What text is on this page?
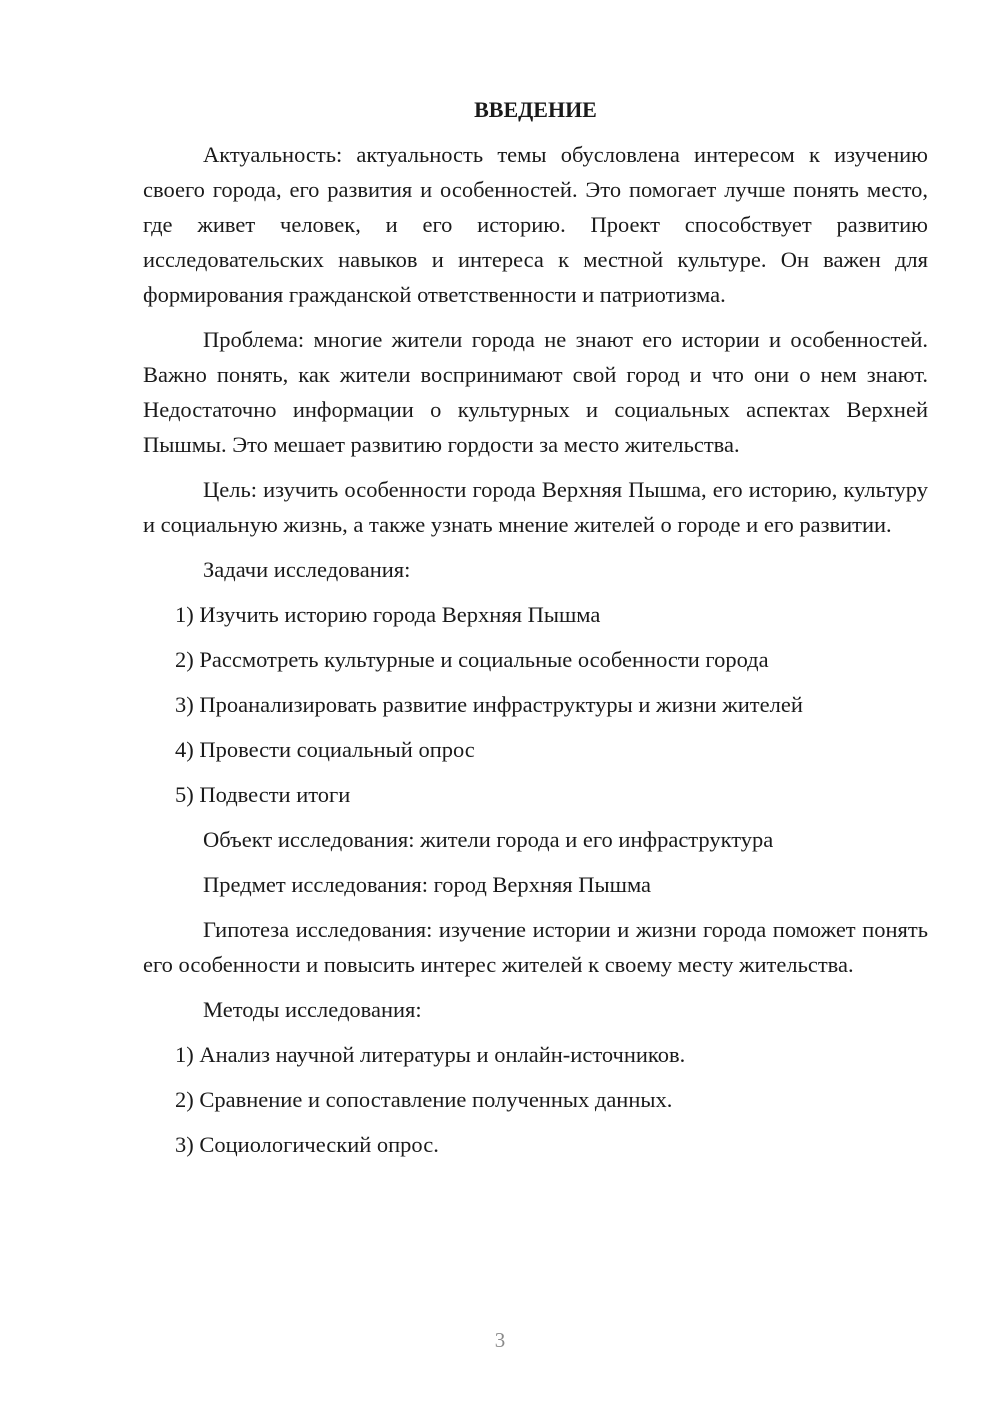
ВВЕДЕНИЕ
Актуальность: актуальность темы обусловлена интересом к изучению своего города, его развития и особенностей. Это помогает лучше понять место, где живет человек, и его историю. Проект способствует развитию исследовательских навыков и интереса к местной культуре. Он важен для формирования гражданской ответственности и патриотизма.
Проблема: многие жители города не знают его истории и особенностей. Важно понять, как жители воспринимают свой город и что они о нем знают. Недостаточно информации о культурных и социальных аспектах Верхней Пышмы. Это мешает развитию гордости за место жительства.
Цель: изучить особенности города Верхняя Пышма, его историю, культуру и социальную жизнь, а также узнать мнение жителей о городе и его развитии.
Задачи исследования:
1) Изучить историю города Верхняя Пышма
2) Рассмотреть культурные и социальные особенности города
3) Проанализировать развитие инфраструктуры и жизни жителей
4) Провести социальный опрос
5) Подвести итоги
Объект исследования: жители города и его инфраструктура
Предмет исследования: город Верхняя Пышма
Гипотеза исследования: изучение истории и жизни города поможет понять его особенности и повысить интерес жителей к своему месту жительства.
Методы исследования:
1) Анализ научной литературы и онлайн-источников.
2) Сравнение и сопоставление полученных данных.
3) Социологический опрос.
3
